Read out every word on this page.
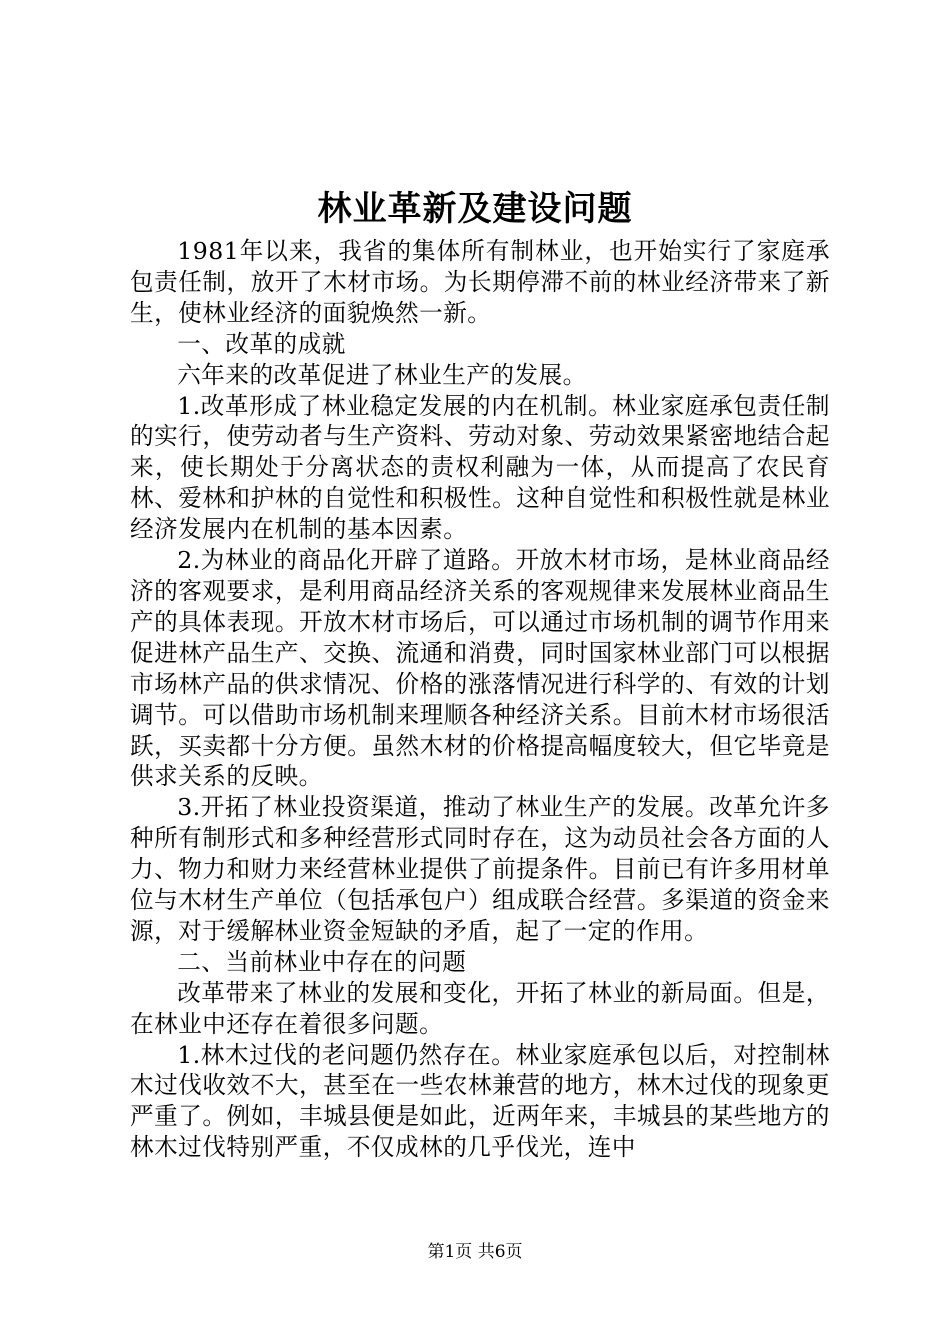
林业革新及建设问题

1981年以来，我省的集体所有制林业，也开始实行了家庭承包责任制，放开了木材市场。为长期停滞不前的林业经济带来了新生，使林业经济的面貌焕然一新。

一、改革的成就

六年来的改革促进了林业生产的发展。

1.改革形成了林业稳定发展的内在机制。林业家庭承包责任制的实行，使劳动者与生产资料、劳动对象、劳动效果紧密地结合起来，使长期处于分离状态的责权利融为一体，从而提高了农民育林、爱林和护林的自觉性和积极性。这种自觉性和积极性就是林业经济发展内在机制的基本因素。

2.为林业的商品化开辟了道路。开放木材市场，是林业商品经济的客观要求，是利用商品经济关系的客观规律来发展林业商品生产的具体表现。开放木材市场后，可以通过市场机制的调节作用来促进林产品生产、交换、流通和消费，同时国家林业部门可以根据市场林产品的供求情况、价格的涨落情况进行科学的、有效的计划调节。可以借助市场机制来理顺各种经济关系。目前木材市场很活跃，买卖都十分方便。虽然木材的价格提高幅度较大，但它毕竟是供求关系的反映。

3.开拓了林业投资渠道，推动了林业生产的发展。改革允许多种所有制形式和多种经营形式同时存在，这为动员社会各方面的人力、物力和财力来经营林业提供了前提条件。目前已有许多用材单位与木材生产单位（包括承包户）组成联合经营。多渠道的资金来源，对于缓解林业资金短缺的矛盾，起了一定的作用。

二、当前林业中存在的问题

改革带来了林业的发展和变化，开拓了林业的新局面。但是，在林业中还存在着很多问题。

1.林木过伐的老问题仍然存在。林业家庭承包以后，对控制林木过伐收效不大，甚至在一些农林兼营的地方，林木过伐的现象更严重了。例如，丰城县便是如此，近两年来，丰城县的某些地方的林木过伐特别严重，不仅成林的几乎伐光，连中

第1页 共6页
